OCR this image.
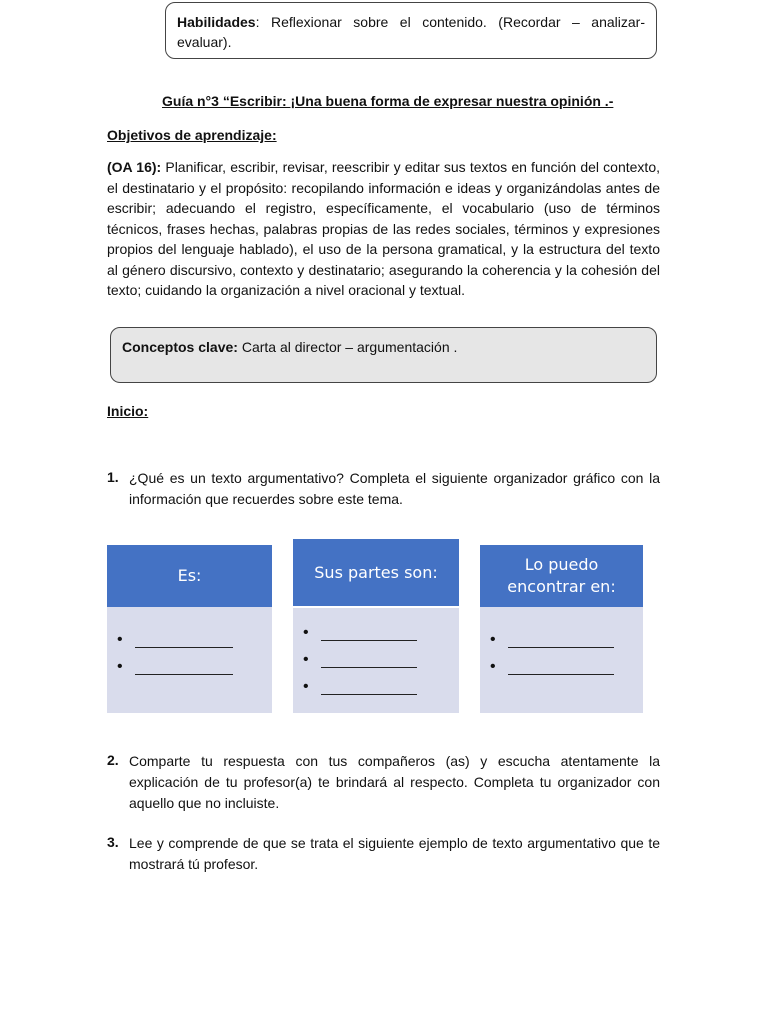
Habilidades: Reflexionar sobre el contenido. (Recordar – analizar-evaluar).
Guía n°3 “Escribir: ¡Una buena forma de expresar nuestra opinión .-
Objetivos de aprendizaje:
(OA 16): Planificar, escribir, revisar, reescribir y editar sus textos en función del contexto, el destinatario y el propósito: recopilando información e ideas y organizándolas antes de escribir; adecuando el registro, específicamente, el vocabulario (uso de términos técnicos, frases hechas, palabras propias de las redes sociales, términos y expresiones propios del lenguaje hablado), el uso de la persona gramatical, y la estructura del texto al género discursivo, contexto y destinatario; asegurando la coherencia y la cohesión del texto; cuidando la organización a nivel oracional y textual.
Conceptos clave: Carta al director – argumentación .
Inicio:
1. ¿Qué es un texto argumentativo? Completa el siguiente organizador gráfico con la información que recuerdes sobre este tema.
Es:
•
•
Sus partes son:
•
•
•
Lo puedo encontrar en:
•
•
2. Comparte tu respuesta con tus compañeros (as) y escucha atentamente la explicación de tu profesor(a) te brindará al respecto. Completa tu organizador con aquello que no incluiste.
3. Lee y comprende de que se trata el siguiente ejemplo de texto argumentativo que te mostrará tú profesor.
